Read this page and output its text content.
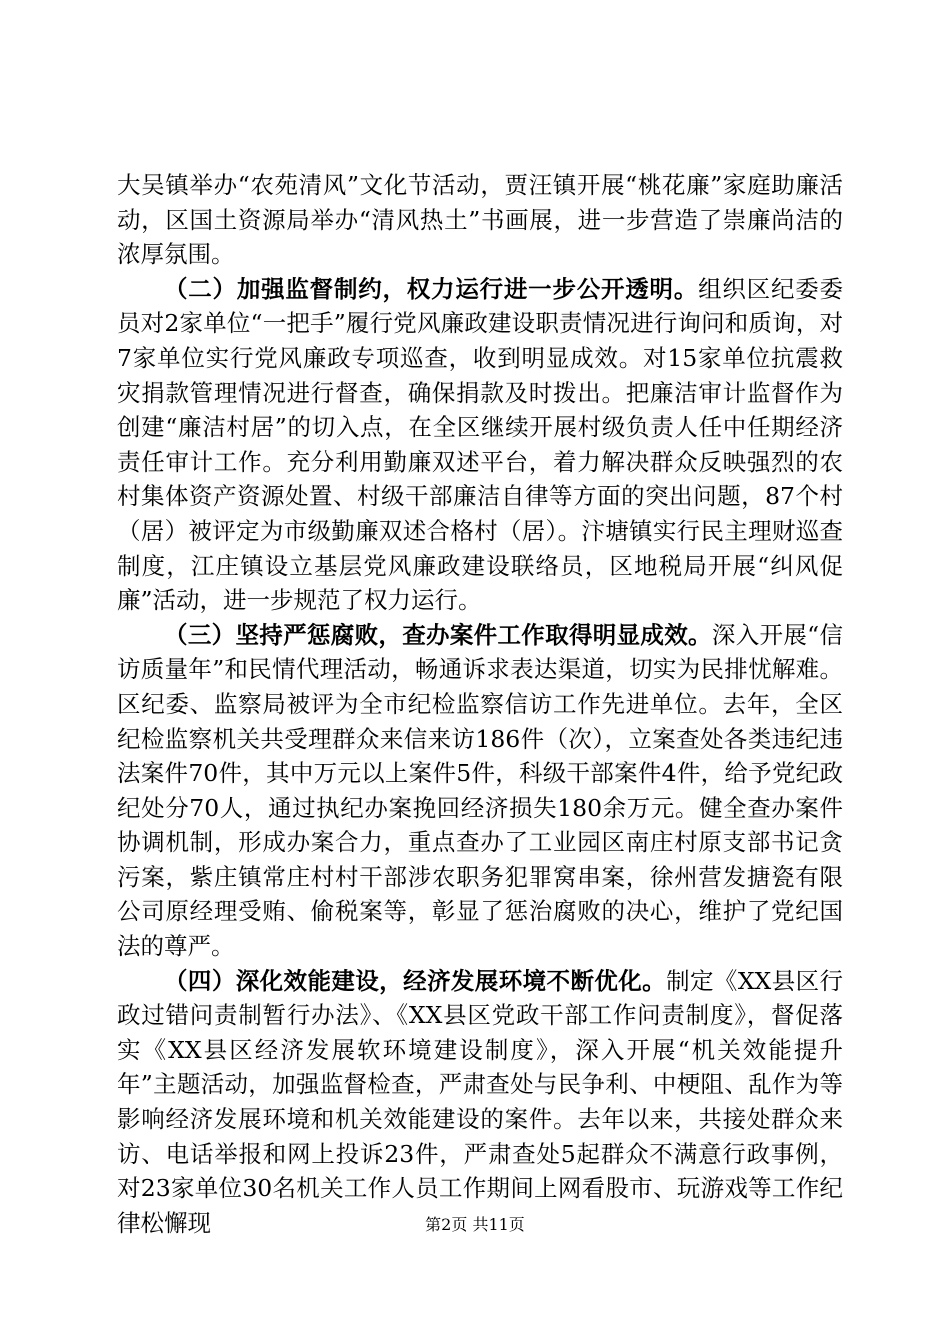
大吴镇举办“农苑清风”文化节活动，贾汪镇开展“桃花廉”家庭助廉活动，区国土资源局举办“清风热土”书画展，进一步营造了崇廉尚洁的浓厚氛围。

（二）加强监督制约，权力运行进一步公开透明。组织区纪委委员对2家单位“一把手”履行党风廉政建设职责情况进行询问和质询，对7家单位实行党风廉政专项巡查，收到明显成效。对15家单位抗震救灾捐款管理情况进行督查，确保捐款及时拨出。把廉洁审计监督作为创建“廉洁村居”的切入点，在全区继续开展村级负责人任中任期经济责任审计工作。充分利用勤廉双述平台，着力解决群众反映强烈的农村集体资产资源处置、村级干部廉洁自律等方面的突出问题，87个村（居）被评定为市级勤廉双述合格村（居）。汴塘镇实行民主理财巡查制度，江庄镇设立基层党风廉政建设联络员，区地税局开展“纠风促廉”活动，进一步规范了权力运行。

（三）坚持严惩腐败，查办案件工作取得明显成效。深入开展“信访质量年”和民情代理活动，畅通诉求表达渠道，切实为民排忧解难。区纪委、监察局被评为全市纪检监察信访工作先进单位。去年，全区纪检监察机关共受理群众来信来访186件（次），立案查处各类违纪违法案件70件，其中万元以上案件5件，科级干部案件4件，给予党纪政纪处分70人，通过执纪办案挽回经济损失180余万元。健全查办案件协调机制，形成办案合力，重点查办了工业园区南庄村原支部书记贪污案，紫庄镇常庄村村干部涉农职务犯罪窝串案，徐州营发搪瓷有限公司原经理受贿、偷税案等，彰显了惩治腐败的决心，维护了党纪国法的尊严。

（四）深化效能建设，经济发展环境不断优化。制定《XX县区行政过错问责制暂行办法》、《XX县区党政干部工作问责制度》，督促落实《XX县区经济发展软环境建设制度》，深入开展“机关效能提升年”主题活动，加强监督检查，严肃查处与民争利、中梗阻、乱作为等影响经济发展环境和机关效能建设的案件。去年以来，共接处群众来访、电话举报和网上投诉23件，严肃查处5起群众不满意行政事例，对23家单位30名机关工作人员工作期间上网看股市、玩游戏等工作纪律松懈现	第2页 共11页
